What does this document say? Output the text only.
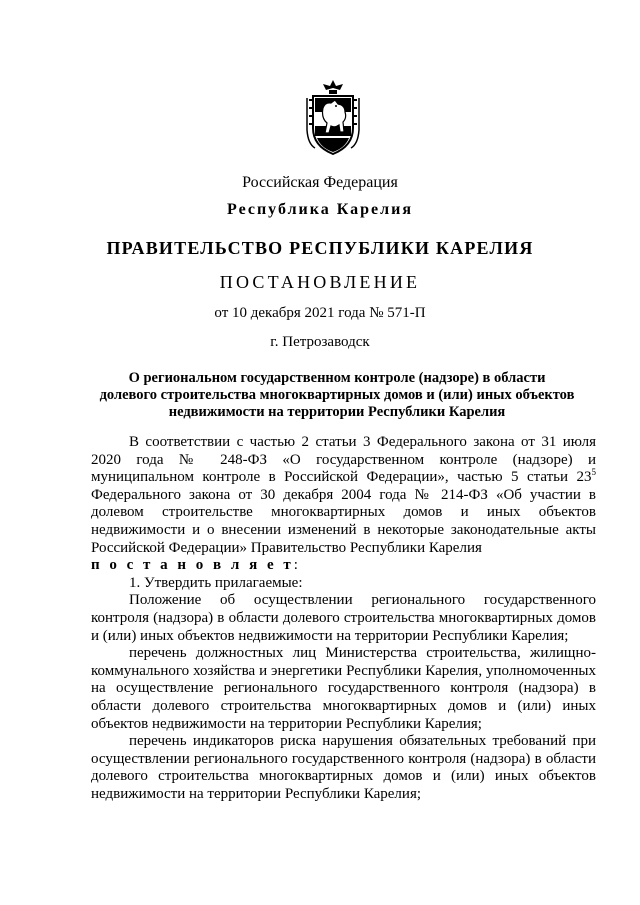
Российская Федерация
Республика Карелия
ПРАВИТЕЛЬСТВО РЕСПУБЛИКИ КАРЕЛИЯ
ПОСТАНОВЛЕНИЕ
от 10 декабря 2021 года № 571-П
г. Петрозаводск
О региональном государственном контроле (надзоре) в области
долевого строительства многоквартирных домов и (или) иных объектов
недвижимости на территории Республики Карелия

В соответствии с частью 2 статьи 3 Федерального закона от 31 июля 2020 года № 248-ФЗ «О государственном контроле (надзоре) и муниципальном контроле в Российской Федерации», частью 5 статьи $23^5$ Федерального закона от 30 декабря 2004 года № 214-ФЗ «Об участии в долевом строительстве многоквартирных домов и иных объектов недвижимости и о внесении изменений в некоторые законодательные акты Российской Федерации» Правительство Республики Карелия

п о с т а н о в л я е т:

1. Утвердить прилагаемые:

Положение об осуществлении регионального государственного контроля (надзора) в области долевого строительства многоквартирных домов и (или) иных объектов недвижимости на территории Республики Карелия;

перечень должностных лиц Министерства строительства, жилищно-коммунального хозяйства и энергетики Республики Карелия, уполномоченных на осуществление регионального государственного контроля (надзора) в области долевого строительства многоквартирных домов и (или) иных объектов недвижимости на территории Республики Карелия;

перечень индикаторов риска нарушения обязательных требований при осуществлении регионального государственного контроля (надзора) в области долевого строительства многоквартирных домов и (или) иных объектов недвижимости на территории Республики Карелия;
